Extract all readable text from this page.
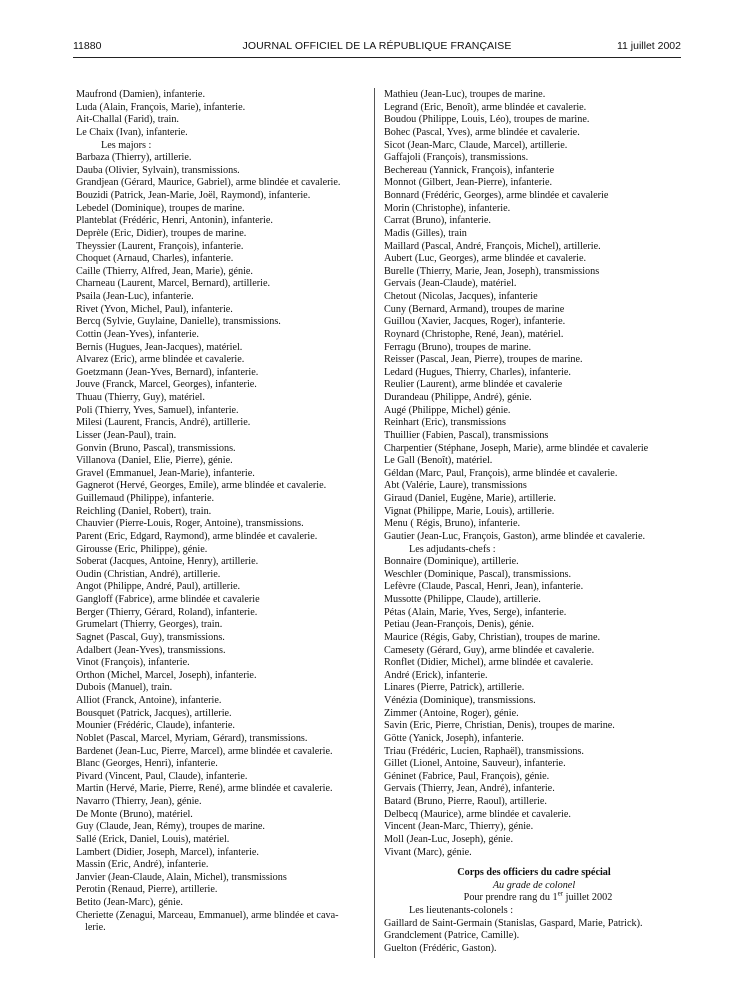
11880	JOURNAL OFFICIEL DE LA RÉPUBLIQUE FRANÇAISE	11 juillet 2002
Maufrond (Damien), infanterie.
Luda (Alain, François, Marie), infanterie.
Ait-Challal (Farid), train.
Le Chaix (Ivan), infanterie.
Les majors :
Barbaza (Thierry), artillerie.
Dauba (Olivier, Sylvain), transmissions.
Grandjean (Gérard, Maurice, Gabriel), arme blindée et cavalerie.
Bouzidi (Patrick, Jean-Marie, Joël, Raymond), infanterie.
Lebedel (Dominique), troupes de marine.
Planteblat (Frédéric, Henri, Antonin), infanterie.
Deprèle (Eric, Didier), troupes de marine.
Theyssier (Laurent, François), infanterie.
Choquet (Arnaud, Charles), infanterie.
Caille (Thierry, Alfred, Jean, Marie), génie.
Charneau (Laurent, Marcel, Bernard), artillerie.
Psaila (Jean-Luc), infanterie.
Rivet (Yvon, Michel, Paul), infanterie.
Bercq (Sylvie, Guylaine, Danielle), transmissions.
Cottin (Jean-Yves), infanterie.
Bernis (Hugues, Jean-Jacques), matériel.
Alvarez (Eric), arme blindée et cavalerie.
Goetzmann (Jean-Yves, Bernard), infanterie.
Jouve (Franck, Marcel, Georges), infanterie.
Thuau (Thierry, Guy), matériel.
Poli (Thierry, Yves, Samuel), infanterie.
Milesi (Laurent, Francis, André), artillerie.
Lisser (Jean-Paul), train.
Gonvin (Bruno, Pascal), transmissions.
Villanova (Daniel, Elie, Pierre), génie.
Gravel (Emmanuel, Jean-Marie), infanterie.
Gagnerot (Hervé, Georges, Emile), arme blindée et cavalerie.
Guillemaud (Philippe), infanterie.
Reichling (Daniel, Robert), train.
Chauvier (Pierre-Louis, Roger, Antoine), transmissions.
Parent (Eric, Edgard, Raymond), arme blindée et cavalerie.
Girousse (Eric, Philippe), génie.
Soberat (Jacques, Antoine, Henry), artillerie.
Oudin (Christian, André), artillerie.
Angot (Philippe, André, Paul), artillerie.
Gangloff (Fabrice), arme blindée et cavalerie
Berger (Thierry, Gérard, Roland), infanterie.
Grumelart (Thierry, Georges), train.
Sagnet (Pascal, Guy), transmissions.
Adalbert (Jean-Yves), transmissions.
Vinot (François), infanterie.
Orthon (Michel, Marcel, Joseph), infanterie.
Dubois (Manuel), train.
Alliot (Franck, Antoine), infanterie.
Bousquet (Patrick, Jacques), artillerie.
Mounier (Frédéric, Claude), infanterie.
Noblet (Pascal, Marcel, Myriam, Gérard), transmissions.
Bardenet (Jean-Luc, Pierre, Marcel), arme blindée et cavalerie.
Blanc (Georges, Henri), infanterie.
Pivard (Vincent, Paul, Claude), infanterie.
Martin (Hervé, Marie, Pierre, René), arme blindée et cavalerie.
Navarro (Thierry, Jean), génie.
De Monte (Bruno), matériel.
Guy (Claude, Jean, Rémy), troupes de marine.
Sallé (Erick, Daniel, Louis), matériel.
Lambert (Didier, Joseph, Marcel), infanterie.
Massin (Eric, André), infanterie.
Janvier (Jean-Claude, Alain, Michel), transmissions
Perotin (Renaud, Pierre), artillerie.
Betito (Jean-Marc), génie.
Cheriette (Zenagui, Marceau, Emmanuel), arme blindée et cava-
lerie.
Mathieu (Jean-Luc), troupes de marine.
Legrand (Eric, Benoît), arme blindée et cavalerie.
Boudou (Philippe, Louis, Léo), troupes de marine.
Bohec (Pascal, Yves), arme blindée et cavalerie.
Sicot (Jean-Marc, Claude, Marcel), artillerie.
Gaffajoli (François), transmissions.
Bechereau (Yannick, François), infanterie
Monnot (Gilbert, Jean-Pierre), infanterie.
Bonnard (Frédéric, Georges), arme blindée et cavalerie
Morin (Christophe), infanterie.
Carrat (Bruno), infanterie.
Madis (Gilles), train
Maillard (Pascal, André, François, Michel), artillerie.
Aubert (Luc, Georges), arme blindée et cavalerie.
Burelle (Thierry, Marie, Jean, Joseph), transmissions
Gervais (Jean-Claude), matériel.
Chetout (Nicolas, Jacques), infanterie
Cuny (Bernard, Armand), troupes de marine
Guillou (Xavier, Jacques, Roger), infanterie.
Roynard (Christophe, René, Jean), matériel.
Ferragu (Bruno), troupes de marine.
Reisser (Pascal, Jean, Pierre), troupes de marine.
Ledard (Hugues, Thierry, Charles), infanterie.
Reulier (Laurent), arme blindée et cavalerie
Durandeau (Philippe, André), génie.
Augé (Philippe, Michel) génie.
Reinhart (Eric), transmissions
Thuillier (Fabien, Pascal), transmissions
Charpentier (Stéphane, Joseph, Marie), arme blindée et cavalerie
Le Gall (Benoît), matériel.
Géldan (Marc, Paul, François), arme blindée et cavalerie.
Abt (Valérie, Laure), transmissions
Giraud (Daniel, Eugène, Marie), artillerie.
Vignat (Philippe, Marie, Louis), artillerie.
Menu ( Régis, Bruno), infanterie.
Gautier (Jean-Luc, François, Gaston), arme blindée et cavalerie.
Les adjudants-chefs :
Bonnaire (Dominique), artillerie.
Weschler (Dominique, Pascal), transmissions.
Lefèvre (Claude, Pascal, Henri, Jean), infanterie.
Mussotte (Philippe, Claude), artillerie.
Pétas (Alain, Marie, Yves, Serge), infanterie.
Petiau (Jean-François, Denis), génie.
Maurice (Régis, Gaby, Christian), troupes de marine.
Camesety (Gérard, Guy), arme blindée et cavalerie.
Ronflet (Didier, Michel), arme blindée et cavalerie.
André (Erick), infanterie.
Linares (Pierre, Patrick), artillerie.
Vénézia (Dominique), transmissions.
Zimmer (Antoine, Roger), génie.
Savin (Eric, Pierre, Christian, Denis), troupes de marine.
Götte (Yanick, Joseph), infanterie.
Triau (Frédéric, Lucien, Raphaël), transmissions.
Gillet (Lionel, Antoine, Sauveur), infanterie.
Géninet (Fabrice, Paul, François), génie.
Gervais (Thierry, Jean, André), infanterie.
Batard (Bruno, Pierre, Raoul), artillerie.
Delbecq (Maurice), arme blindée et cavalerie.
Vincent (Jean-Marc, Thierry), génie.
Moll (Jean-Luc, Joseph), génie.
Vivant (Marc), génie.
Corps des officiers du cadre spécial
Au grade de colonel
Pour prendre rang du 1er juillet 2002
Les lieutenants-colonels :
Gaillard de Saint-Germain (Stanislas, Gaspard, Marie, Patrick).
Grandclement (Patrice, Camille).
Guelton (Frédéric, Gaston).
